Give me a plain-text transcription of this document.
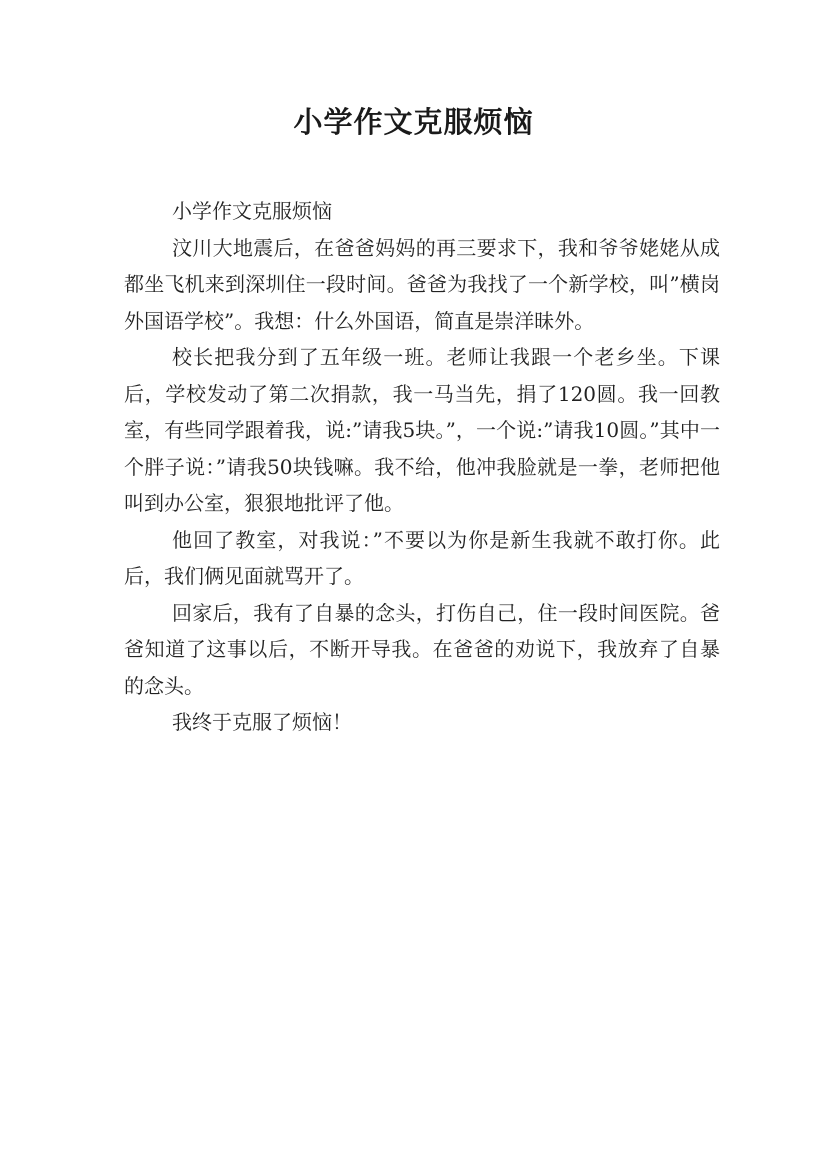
小学作文克服烦恼

小学作文克服烦恼

汶川大地震后，在爸爸妈妈的再三要求下，我和爷爷姥姥从成都坐飞机来到深圳住一段时间。爸爸为我找了一个新学校，叫”横岗外国语学校”。我想：什么外国语，简直是崇洋昧外。

校长把我分到了五年级一班。老师让我跟一个老乡坐。下课后，学校发动了第二次捐款，我一马当先，捐了120圆。我一回教室，有些同学跟着我，说:”请我5块。”，一个说:”请我10圆。”其中一个胖子说：”请我50块钱嘛。我不给，他冲我脸就是一拳，老师把他叫到办公室，狠狠地批评了他。

他回了教室，对我说：”不要以为你是新生我就不敢打你。此后，我们俩见面就骂开了。

回家后，我有了自暴的念头，打伤自己，住一段时间医院。爸爸知道了这事以后，不断开导我。在爸爸的劝说下，我放弃了自暴的念头。

我终于克服了烦恼！
